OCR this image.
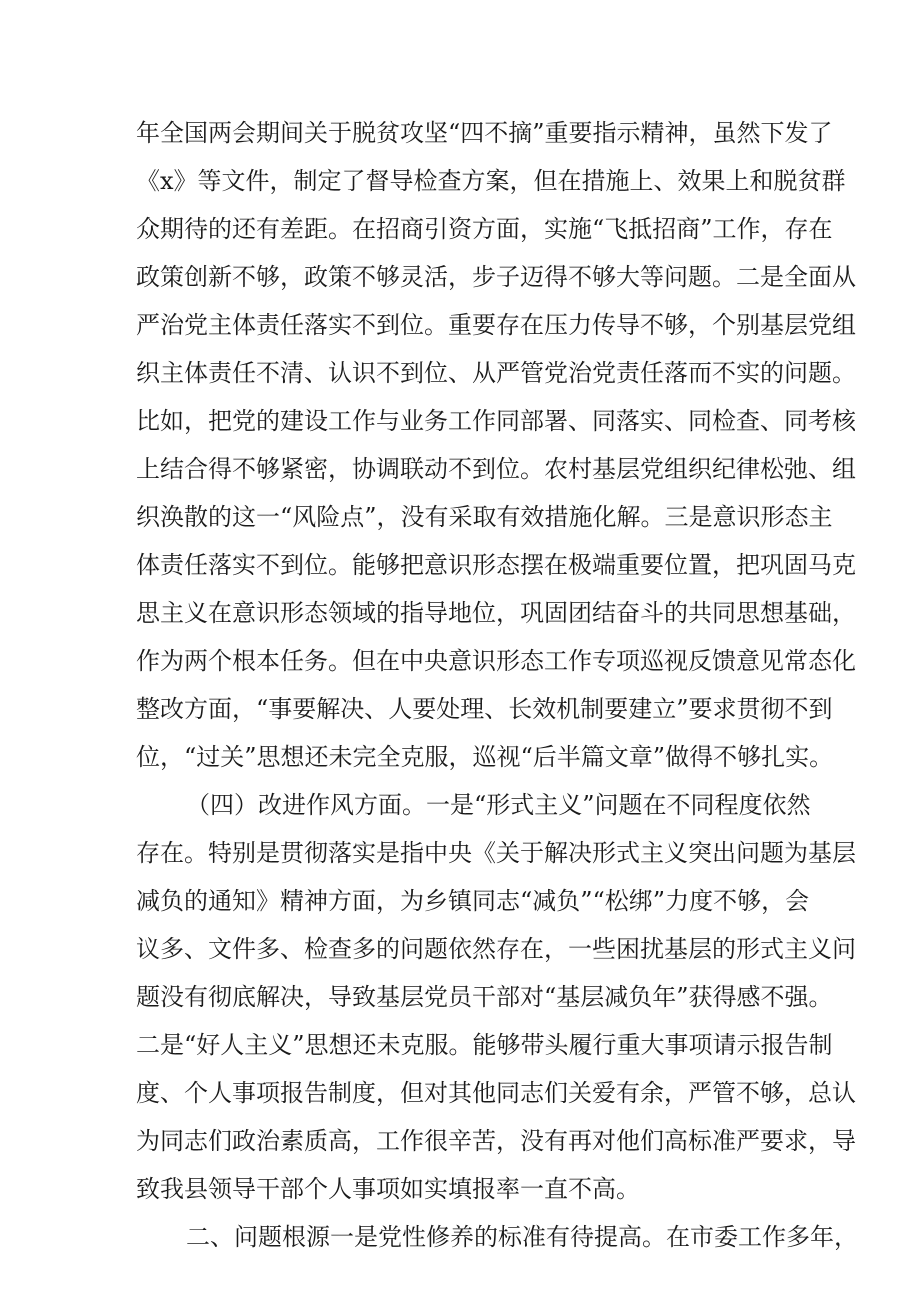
年全国两会期间关于脱贫攻坚“四不摘”重要指示精神，虽然下发了
《x》等文件，制定了督导检查方案，但在措施上、效果上和脱贫群
众期待的还有差距。在招商引资方面，实施“飞抵招商”工作，存在
政策创新不够，政策不够灵活，步子迈得不够大等问题。二是全面从
严治党主体责任落实不到位。重要存在压力传导不够，个别基层党组
织主体责任不清、认识不到位、从严管党治党责任落而不实的问题。
比如，把党的建设工作与业务工作同部署、同落实、同检查、同考核
上结合得不够紧密，协调联动不到位。农村基层党组织纪律松弛、组
织涣散的这一“风险点”，没有采取有效措施化解。三是意识形态主
体责任落实不到位。能够把意识形态摆在极端重要位置，把巩固马克
思主义在意识形态领域的指导地位，巩固团结奋斗的共同思想基础，
作为两个根本任务。但在中央意识形态工作专项巡视反馈意见常态化
整改方面，“事要解决、人要处理、长效机制要建立”要求贯彻不到
位，“过关”思想还未完全克服，巡视“后半篇文章”做得不够扎实。
（四）改进作风方面。一是“形式主义”问题在不同程度依然
存在。特别是贯彻落实是指中央《关于解决形式主义突出问题为基层
减负的通知》精神方面，为乡镇同志“减负”“松绑”力度不够，会
议多、文件多、检查多的问题依然存在，一些困扰基层的形式主义问
题没有彻底解决，导致基层党员干部对“基层减负年”获得感不强。
二是“好人主义”思想还未克服。能够带头履行重大事项请示报告制
度、个人事项报告制度，但对其他同志们关爱有余，严管不够，总认
为同志们政治素质高，工作很辛苦，没有再对他们高标准严要求，导
致我县领导干部个人事项如实填报率一直不高。
二、问题根源一是党性修养的标准有待提高。在市委工作多年，
